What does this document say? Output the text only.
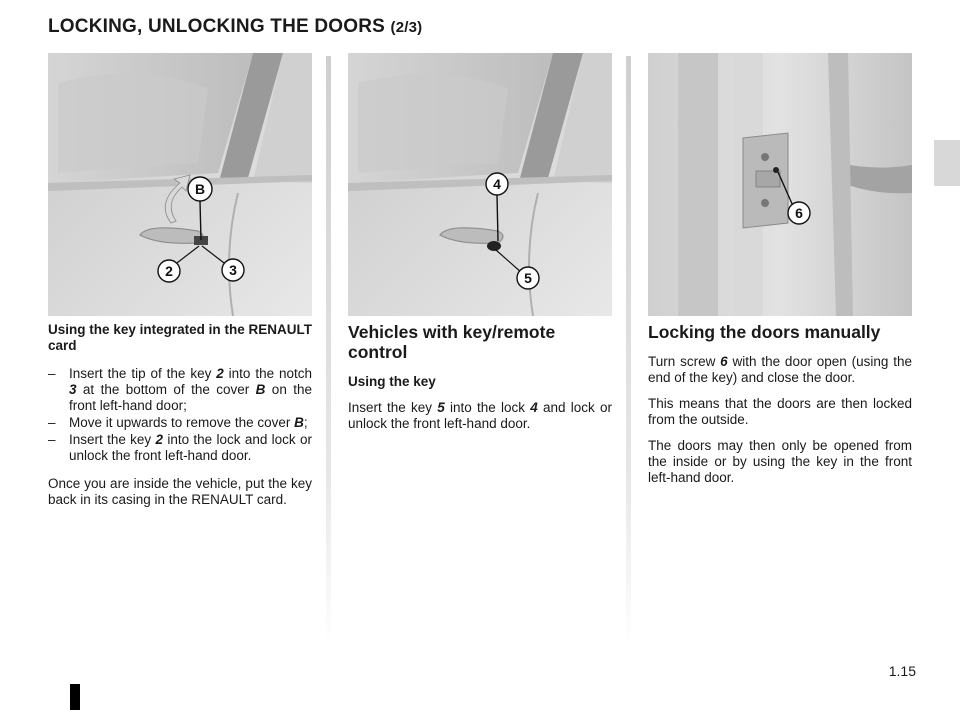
LOCKING, UNLOCKING THE DOORS (2/3)
B
2	3
4
5
6

Using the key integrated in the RENAULT card

– Insert the tip of the key 2 into the notch 3 at the bottom of the cover B on the front left-hand door;
– Move it upwards to remove the cover B;
– Insert the key 2 into the lock and lock or unlock the front left-hand door.

Once you are inside the vehicle, put the key back in its casing in the RENAULT card.

Vehicles with key/remote control
Using the key

Insert the key 5 into the lock 4 and lock or unlock the front left-hand door.

Locking the doors manually

Turn screw 6 with the door open (using the end of the key) and close the door.

This means that the doors are then locked from the outside.

The doors may then only be opened from the inside or by using the key in the front left-hand door.

1.15
